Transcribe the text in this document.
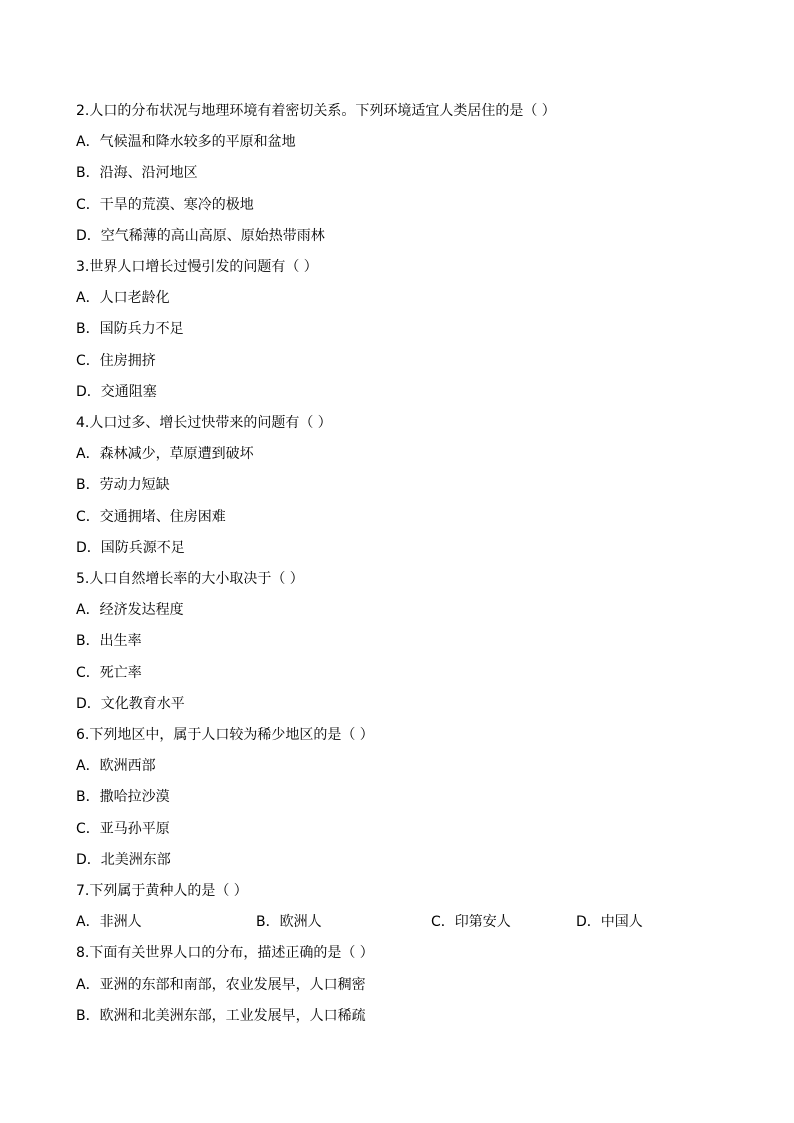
2.人口的分布状况与地理环境有着密切关系。下列环境适宜人类居住的是（ ）
A．气候温和降水较多的平原和盆地
B．沿海、沿河地区
C．干旱的荒漠、寒冷的极地
D．空气稀薄的高山高原、原始热带雨林
3.世界人口增长过慢引发的问题有（ ）
A．人口老龄化
B．国防兵力不足
C．住房拥挤
D．交通阻塞
4.人口过多、增长过快带来的问题有（ ）
A．森林减少，草原遭到破坏
B．劳动力短缺
C．交通拥堵、住房困难
D．国防兵源不足
5.人口自然增长率的大小取决于（ ）
A．经济发达程度
B．出生率
C．死亡率
D．文化教育水平
6.下列地区中，属于人口较为稀少地区的是（ ）
A．欧洲西部
B．撒哈拉沙漠
C．亚马孙平原
D．北美洲东部
7.下列属于黄种人的是（ ）
A．非洲人	B．欧洲人	C．印第安人	D．中国人
8.下面有关世界人口的分布，描述正确的是（ ）
A．亚洲的东部和南部，农业发展早，人口稠密
B．欧洲和北美洲东部，工业发展早，人口稀疏
